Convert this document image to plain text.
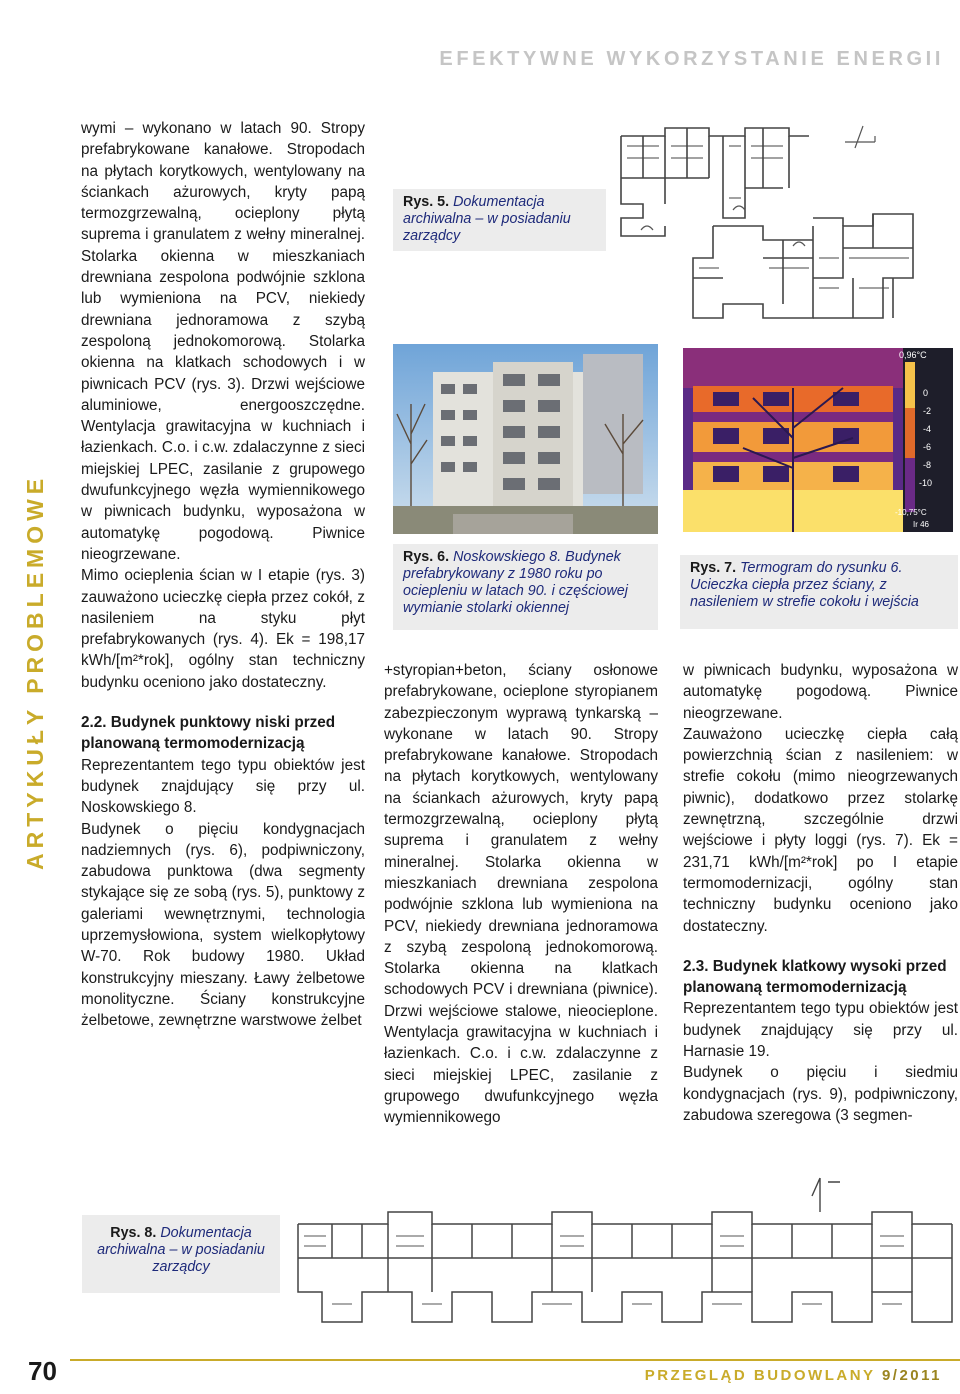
EFEKTYWNE WYKORZYSTANIE ENERGII
ARTYKUŁY PROBLEMOWE

wymi – wykonano w latach 90. Stropy prefabrykowane kanałowe. Stropodach na płytach korytkowych, wentylowany na ściankach ażurowych, kryty papą termozgrzewalną, ocieplony płytą suprema i granulatem z wełny mineralnej. Stolarka okienna w mieszkaniach drewniana zespolona podwójnie szklona lub wymieniona na PCV, niekiedy drewniana jednoramowa z szybą zespoloną jednokomorową. Stolarka okienna na klatkach schodowych i w piwnicach PCV (rys. 3). Drzwi wejściowe aluminiowe, energooszczędne. Wentylacja grawitacyjna w kuchniach i łazienkach. C.o. i c.w. zdalaczynne z sieci miejskiej LPEC, zasilanie z grupowego dwufunkcyjnego węzła wymiennikowego w piwnicach budynku, wyposażona w automatykę pogodową. Piwnice nieogrzewane.

Mimo ocieplenia ścian w I etapie (rys. 3) zauważono ucieczkę ciepła przez cokół, z nasileniem na styku płyt prefabrykowanych (rys. 4). Ek = 198,17 kWh/[m²*rok], ogólny stan techniczny budynku oceniono jako dostateczny.

2.2. Budynek punktowy niski przed planowaną termomodernizacją

Reprezentantem tego typu obiektów jest budynek znajdujący się przy ul. Noskowskiego 8.

Budynek o pięciu kondygnacjach nadziemnych (rys. 6), podpiwniczony, zabudowa punktowa (dwa segmenty stykające się ze sobą (rys. 5), punktowy z galeriami wewnętrznymi, technologia uprzemysłowiona, system wielkopłytowy W-70. Rok budowy 1980. Układ konstrukcyjny mieszany. Ławy żelbetowe monolityczne. Ściany konstrukcyjne żelbetowe, zewnętrzne warstwowe żelbet

Rys. 5. Dokumentacja archiwalna – w posiadaniu zarządcy
Rys. 6. Noskowskiego 8. Budynek prefabrykowany z 1980 roku po ociepleniu w latach 90. i częściowej wymianie stolarki okiennej
0,96°C
0
-2
-4
-6
-8
-10
-10,75°C
Ir 46
Rys. 7. Termogram do rysunku 6. Ucieczka ciepła przez ściany, z nasileniem w strefie cokołu i wejścia

+styropian+beton, ściany osłonowe prefabrykowane, ocieplone styropianem zabezpieczonym wyprawą tynkarską – wykonane w latach 90. Stropy prefabrykowane kanałowe. Stropodach na płytach korytkowych, wentylowany na ściankach ażurowych, kryty papą termozgrzewalną, ocieplony płytą suprema i granulatem z wełny mineralnej. Stolarka okienna w mieszkaniach drewniana zespolona podwójnie szklona lub wymieniona na PCV, niekiedy drewniana jednoramowa z szybą zespoloną jednokomorową. Stolarka okienna na klatkach schodowych PCV i drewniana (piwnice). Drzwi wejściowe stalowe, nieocieplone. Wentylacja grawitacyjna w kuchniach i łazienkach. C.o. i c.w. zdalaczynne z sieci miejskiej LPEC, zasilanie z grupowego dwufunkcyjnego węzła wymiennikowego

w piwnicach budynku, wyposażona w automatykę pogodową. Piwnice nieogrzewane.

Zauważono ucieczkę ciepła całą powierzchnią ścian z nasileniem: w strefie cokołu (mimo nieogrzewanych piwnic), dodatkowo przez stolarkę zewnętrzną, szczególnie drzwi wejściowe i płyty loggi (rys. 7). Ek = 231,71 kWh/[m²*rok] po I etapie termomodernizacji, ogólny stan techniczny budynku oceniono jako dostateczny.

2.3. Budynek klatkowy wysoki przed planowaną termomodernizacją

Reprezentantem tego typu obiektów jest budynek znajdujący się przy ul. Harnasie 19.

Budynek o pięciu i siedmiu kondygnacjach (rys. 9), podpiwniczony, zabudowa szeregowa (3 segmen-

Rys. 8. Dokumentacja archiwalna – w posiadaniu zarządcy
70	PRZEGLĄD BUDOWLANY 9/2011
